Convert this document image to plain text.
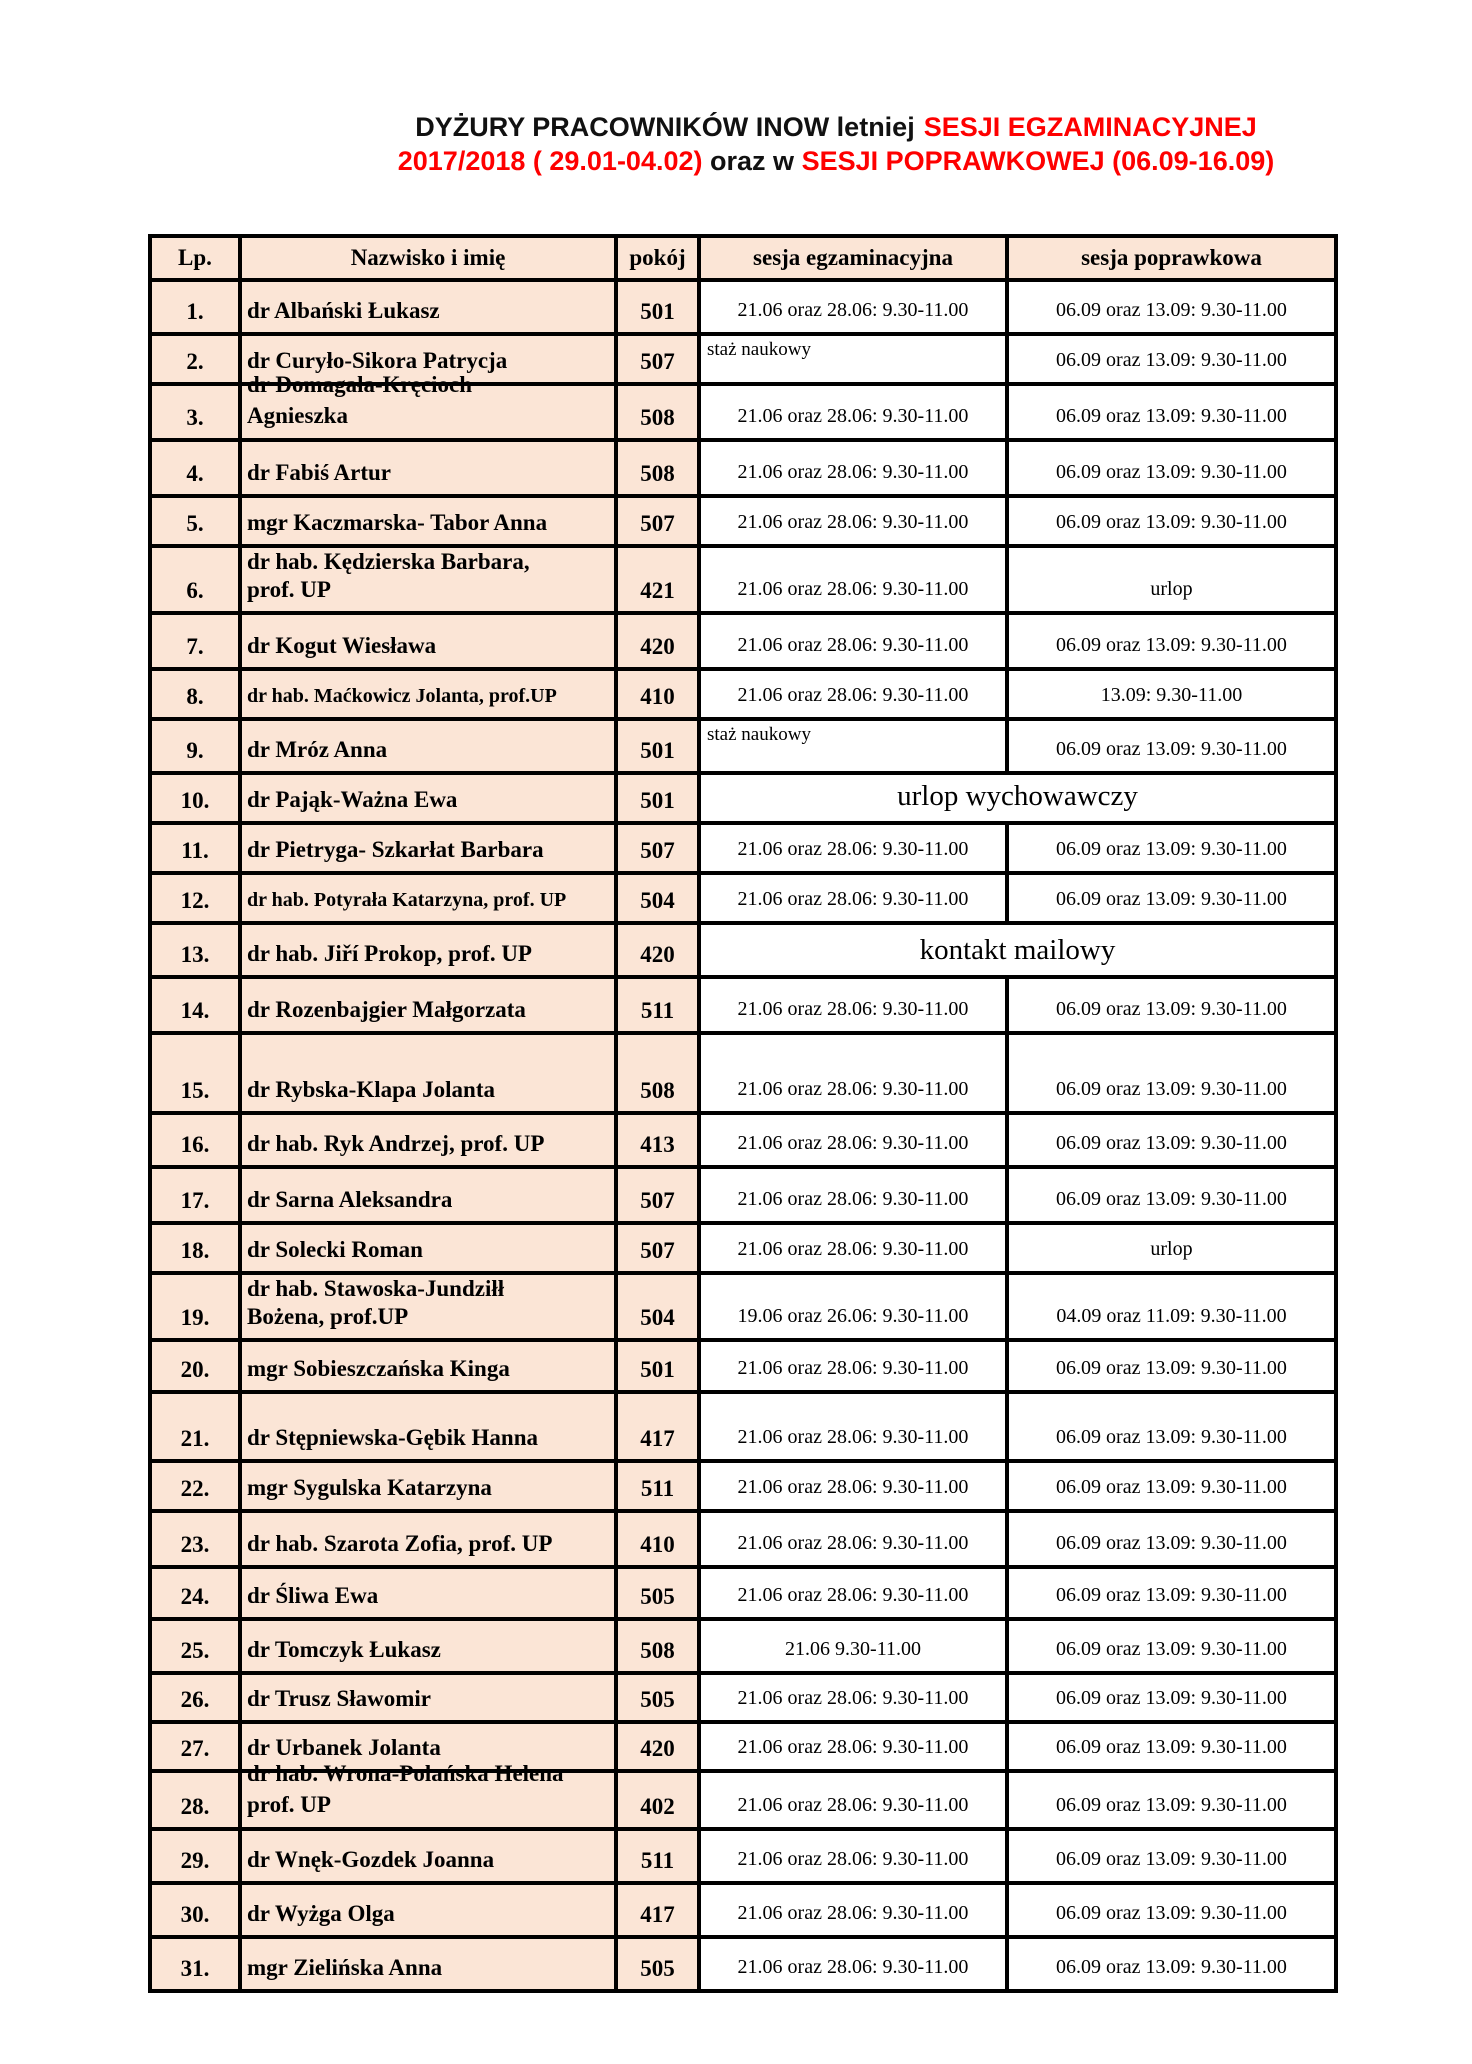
DYŻURY PRACOWNIKÓW INOW letniej SESJI EGZAMINACYJNEJ
2017/2018 ( 29.01-04.02) oraz w SESJI POPRAWKOWEJ (06.09-16.09)
Lp.	Nazwisko i imię	pokój	sesja egzaminacyjna	sesja poprawkowa
1.	dr Albański Łukasz	501	21.06 oraz 28.06: 9.30-11.00	06.09 oraz 13.09: 9.30-11.00
2.	dr Curyło-Sikora Patrycja	507	staż naukowy	06.09 oraz 13.09: 9.30-11.00
3.	dr Domagała-Kręcioch
Agnieszka	508	21.06 oraz 28.06: 9.30-11.00	06.09 oraz 13.09: 9.30-11.00
4.	dr Fabiś Artur	508	21.06 oraz 28.06: 9.30-11.00	06.09 oraz 13.09: 9.30-11.00
5.	mgr Kaczmarska- Tabor Anna	507	21.06 oraz 28.06: 9.30-11.00	06.09 oraz 13.09: 9.30-11.00
6.	dr hab. Kędzierska Barbara,
prof. UP	421	21.06 oraz 28.06: 9.30-11.00	urlop
7.	dr Kogut Wiesława	420	21.06 oraz 28.06: 9.30-11.00	06.09 oraz 13.09: 9.30-11.00
8.	dr hab. Maćkowicz Jolanta, prof.UP	410	21.06 oraz 28.06: 9.30-11.00	13.09: 9.30-11.00
9.	dr Mróz Anna	501	staż naukowy	06.09 oraz 13.09: 9.30-11.00
10.	dr Pająk-Ważna Ewa	501	urlop wychowawczy	
11.	dr Pietryga- Szkarłat Barbara	507	21.06 oraz 28.06: 9.30-11.00	06.09 oraz 13.09: 9.30-11.00
12.	dr hab. Potyrała Katarzyna, prof. UP	504	21.06 oraz 28.06: 9.30-11.00	06.09 oraz 13.09: 9.30-11.00
13.	dr hab. Jiří Prokop, prof. UP	420	kontakt mailowy	
14.	dr Rozenbajgier Małgorzata	511	21.06 oraz 28.06: 9.30-11.00	06.09 oraz 13.09: 9.30-11.00
15.	dr Rybska-Klapa Jolanta	508	21.06 oraz 28.06: 9.30-11.00	06.09 oraz 13.09: 9.30-11.00
16.	dr hab. Ryk Andrzej, prof. UP	413	21.06 oraz 28.06: 9.30-11.00	06.09 oraz 13.09: 9.30-11.00
17.	dr Sarna Aleksandra	507	21.06 oraz 28.06: 9.30-11.00	06.09 oraz 13.09: 9.30-11.00
18.	dr Solecki Roman	507	21.06 oraz 28.06: 9.30-11.00	urlop
19.	dr hab. Stawoska-Jundziłł
Bożena, prof.UP	504	19.06 oraz 26.06: 9.30-11.00	04.09 oraz 11.09: 9.30-11.00
20.	mgr Sobieszczańska Kinga	501	21.06 oraz 28.06: 9.30-11.00	06.09 oraz 13.09: 9.30-11.00
21.	dr Stępniewska-Gębik Hanna	417	21.06 oraz 28.06: 9.30-11.00	06.09 oraz 13.09: 9.30-11.00
22.	mgr Sygulska Katarzyna	511	21.06 oraz 28.06: 9.30-11.00	06.09 oraz 13.09: 9.30-11.00
23.	dr hab. Szarota Zofia, prof. UP	410	21.06 oraz 28.06: 9.30-11.00	06.09 oraz 13.09: 9.30-11.00
24.	dr Śliwa Ewa	505	21.06 oraz 28.06: 9.30-11.00	06.09 oraz 13.09: 9.30-11.00
25.	dr Tomczyk Łukasz	508	21.06 9.30-11.00	06.09 oraz 13.09: 9.30-11.00
26.	dr Trusz Sławomir	505	21.06 oraz 28.06: 9.30-11.00	06.09 oraz 13.09: 9.30-11.00
27.	dr Urbanek Jolanta	420	21.06 oraz 28.06: 9.30-11.00	06.09 oraz 13.09: 9.30-11.00
28.	dr hab. Wrona-Polańska Helena
prof. UP	402	21.06 oraz 28.06: 9.30-11.00	06.09 oraz 13.09: 9.30-11.00
29.	dr Wnęk-Gozdek Joanna	511	21.06 oraz 28.06: 9.30-11.00	06.09 oraz 13.09: 9.30-11.00
30.	dr Wyżga Olga	417	21.06 oraz 28.06: 9.30-11.00	06.09 oraz 13.09: 9.30-11.00
31.	mgr Zielińska Anna	505	21.06 oraz 28.06: 9.30-11.00	06.09 oraz 13.09: 9.30-11.00
